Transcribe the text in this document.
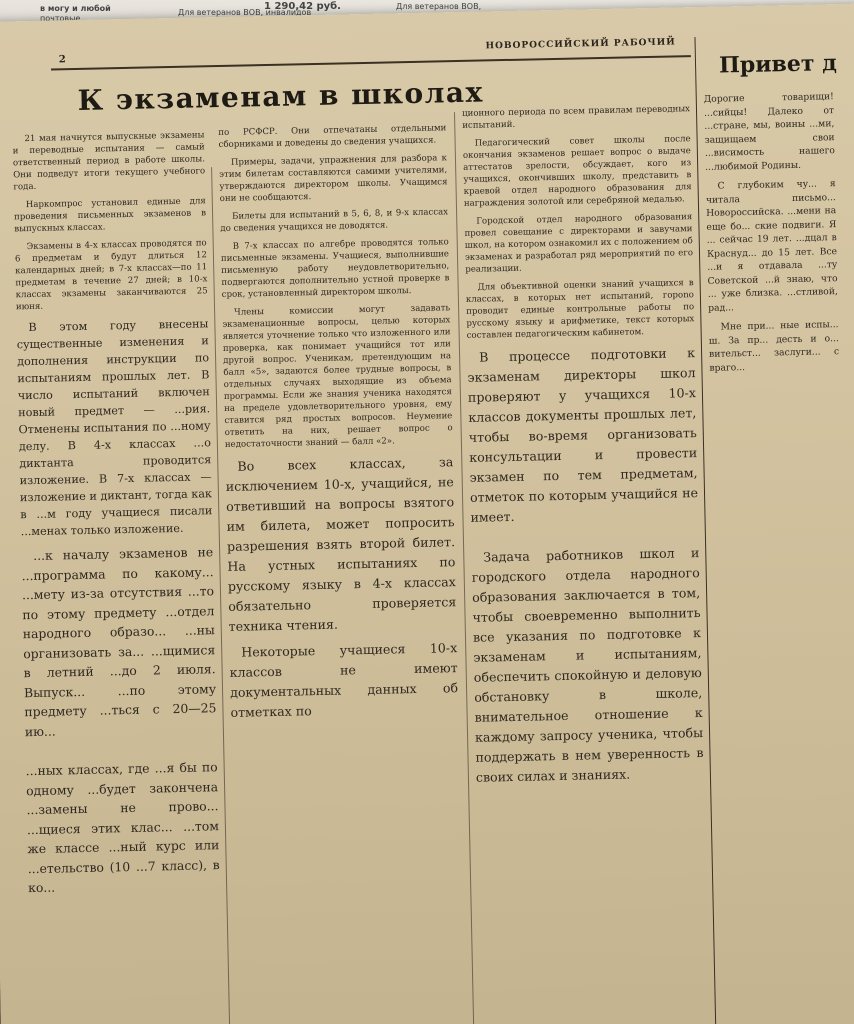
в могу и любой
почтовые
Для ветеранов ВОВ, инвалидов
1 290,42 руб.	Для ветеранов ВОВ,
2
НОВОРОССИЙСКИЙ РАБОЧИЙ
К экзаменам в школах
Привет д

21 мая начнутся выпускные экзамены и переводные испытания — самый ответственный период в работе школы. Они подведут итоги текущего учебного года.

Наркомпрос установил единые для проведения письменных экзаменов в выпускных классах.

Экзамены в 4-х классах проводятся по 6 предметам и будут длиться 12 календарных дней; в 7-х классах—по 11 предметам в течение 27 дней; в 10-х классах экзамены заканчиваются 25 июня.

В этом году внесены существенные изменения и дополнения инструкции по испытаниям прошлых лет. В число испытаний включен новый предмет — ...рия. Отменены испытания по ...ному делу. В 4-х классах ...о диктанта проводится изложение. В 7-х классах — изложение и диктант, тогда как в ...м году учащиеся писали ...менах только изложение.

...к началу экзаменов не ...программа по какому... ...мету из-за отсутствия ...то по этому предмету ...отдел народного образо... ...ны организовать за... ...щимися в летний ...до 2 июля. Выпуск... ...по этому предмету ...ться с 20—25 ию...

...ных классах, где ...я бы по одному ...будет закончена ...замены не прово... ...щиеся этих клас... ...том же классе ...ный курс или ...етельство (10 ...7 класс), в ко...

по РСФСР. Они отпечатаны отдельными сборниками и доведены до сведения учащихся.

Примеры, задачи, упражнения для разбора к этим билетам составляются самими учителями, утверждаются директором школы. Учащимся они не сообщаются.

Билеты для испытаний в 5, 6, 8, и 9-х классах до сведения учащихся не доводятся.

В 7-х классах по алгебре проводятся только письменные экзамены. Учащиеся, выполнившие письменную работу неудовлетворительно, подвергаются дополнительно устной проверке в срок, установленный директором школы.

Члены комиссии могут задавать экзаменационные вопросы, целью которых является уточнение только что изложенного или проверка, как понимает учащийся тот или другой вопрос. Ученикам, претендующим на балл «5», задаются более трудные вопросы, в отдельных случаях выходящие из объема программы. Если же знания ученика находятся на пределе удовлетворительного уровня, ему ставится ряд простых вопросов. Неумение ответить на них, решает вопрос о недостаточности знаний — балл «2».

Во всех классах, за исключением 10-х, учащийся, не ответивший на вопросы взятого им билета, может попросить разрешения взять второй билет. На устных испытаниях по русскому языку в 4-х классах обязательно проверяется техника чтения.

Некоторые учащиеся 10-х классов не имеют документальных данных об отметках по

ционного периода по всем правилам переводных испытаний.

Педагогический совет школы после окончания экзаменов решает вопрос о выдаче аттестатов зрелости, обсуждает, кого из учащихся, окончивших школу, представить в краевой отдел народного образования для награждения золотой или серебряной медалью.

Городской отдел народного образования провел совещание с директорами и завучами школ, на котором ознакомил их с положением об экзаменах и разработал ряд мероприятий по его реализации.

Для объективной оценки знаний учащихся в классах, в которых нет испытаний, горono проводит единые контрольные работы по русскому языку и арифметике, текст которых составлен педагогическим кабинетом.

В процессе подготовки к экзаменам директоры школ проверяют у учащихся 10-х классов документы прошлых лет, чтобы во-время организовать консультации и провести экзамен по тем предметам, отметок по которым учащийся не имеет.

Задача работников школ и городского отдела народного образования заключается в том, чтобы своевременно выполнить все указания по подготовке к экзаменам и испытаниям, обеспечить спокойную и деловую обстановку в школе, внимательное отношение к каждому запросу ученика, чтобы поддержать в нем уверенность в своих силах и знаниях.

Дорогие товарищи! ...сийцы! Далеко от ...стране, мы, воины ...ми, защищаем свои ...висимость нашего ...любимой Родины.

С глубоким чу... я читала письмо... Новороссийска. ...мени на еще бо... ские подвиги. Я ... сейчас 19 лет. ...дцал в Краснуд... до 15 лет. Все ...и я отдавала ...ту Советской ...й знаю, что ... уже близка. ...стливой, рад...

Мне при... ные испы... ш. За пр... десть и о... вительст... заслуги... с враго...
